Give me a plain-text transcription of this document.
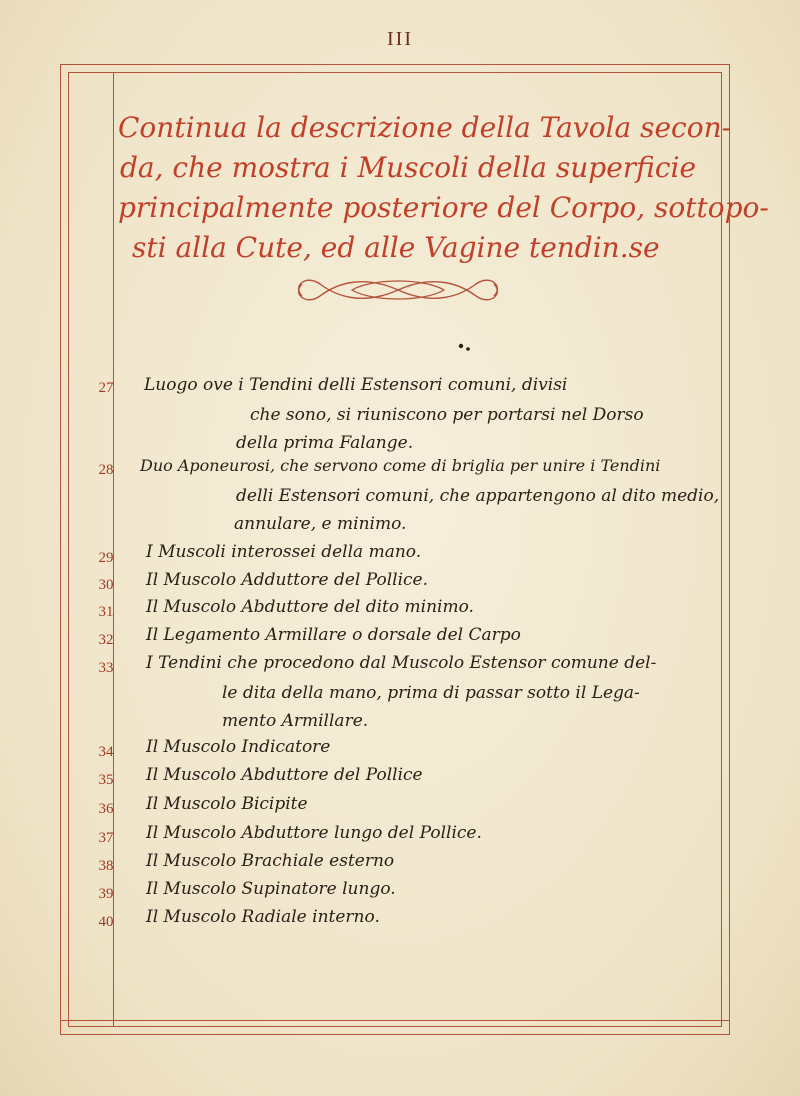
III
Continua la descrizione della Tavola secon-
da, che mostra i Muscoli della superficie
principalmente posteriore del Corpo, sottopo-
sti alla Cute, ed alle Vagine tendin.se
27	Luogo ove i Tendini delli Estensori comuni, divisi
che sono, si riuniscono per portarsi nel Dorso
della prima Falange.
28	Duo Aponeurosi, che servono come di briglia per unire i Tendini
delli Estensori comuni, che appartengono al dito medio,
annulare, e minimo.
29	I Muscoli interossei della mano.
30	Il Muscolo Adduttore del Pollice.
31	Il Muscolo Abduttore del dito minimo.
32	Il Legamento Armillare o dorsale del Carpo
33	I Tendini che procedono dal Muscolo Estensor comune del-
le dita della mano, prima di passar sotto il Lega-
mento Armillare.
34	Il Muscolo Indicatore
35	Il Muscolo Abduttore del Pollice
36	Il Muscolo Bicipite
37	Il Muscolo Abduttore lungo del Pollice.
38	Il Muscolo Brachiale esterno
39	Il Muscolo Supinatore lungo.
40	Il Muscolo Radiale interno.
